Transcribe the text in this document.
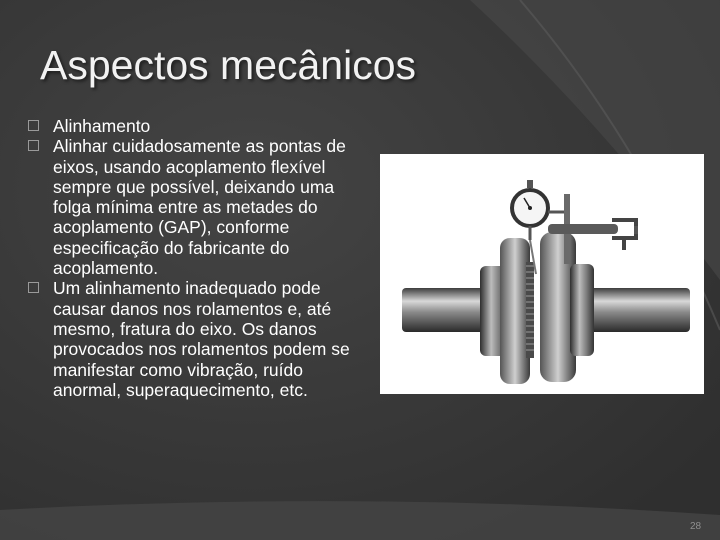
Aspectos mecânicos
Alinhamento
Alinhar cuidadosamente as pontas de eixos, usando acoplamento flexível sempre que possível, deixando uma folga mínima entre as metades do acoplamento (GAP), conforme especificação do fabricante do acoplamento.
Um alinhamento inadequado pode causar danos nos rolamentos e, até mesmo, fratura do eixo. Os danos provocados nos rolamentos podem se manifestar como vibração, ruído anormal, superaquecimento, etc.
28
